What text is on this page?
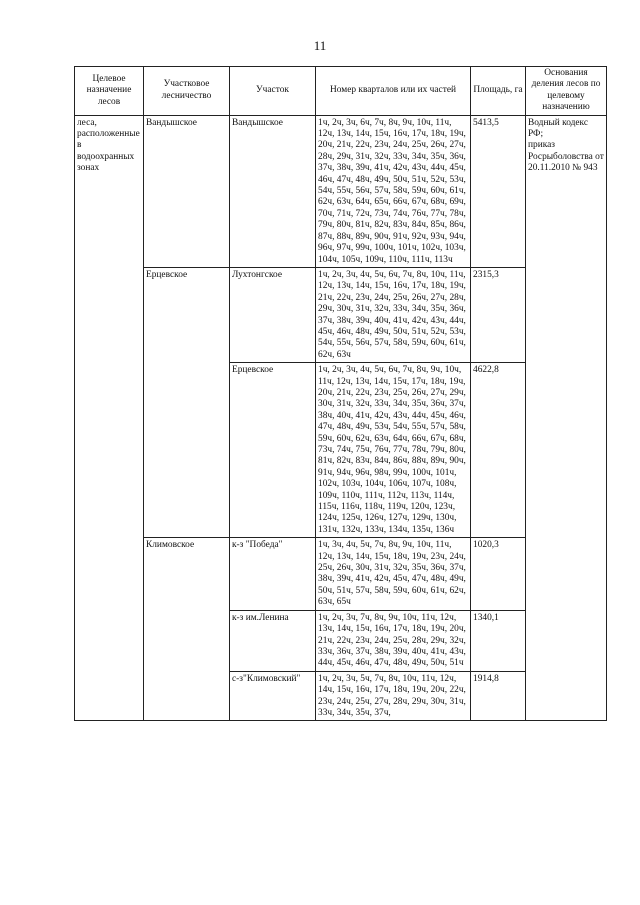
11
Целевое назначение лесов	Участковое лесничество	Участок	Номер кварталов или их частей	Площадь, га	Основания деления лесов по целевому назначению
леса, расположенные в водоохранных зонах	Вандышское	Вандышское	1ч, 2ч, 3ч, 6ч, 7ч, 8ч, 9ч, 10ч, 11ч, 12ч, 13ч, 14ч, 15ч, 16ч, 17ч, 18ч, 19ч, 20ч, 21ч, 22ч, 23ч, 24ч, 25ч, 26ч, 27ч, 28ч, 29ч, 31ч, 32ч, 33ч, 34ч, 35ч, 36ч, 37ч, 38ч, 39ч, 41ч, 42ч, 43ч, 44ч, 45ч, 46ч, 47ч, 48ч, 49ч, 50ч, 51ч, 52ч, 53ч, 54ч, 55ч, 56ч, 57ч, 58ч, 59ч, 60ч, 61ч, 62ч, 63ч, 64ч, 65ч, 66ч, 67ч, 68ч, 69ч, 70ч, 71ч, 72ч, 73ч, 74ч, 76ч, 77ч, 78ч, 79ч, 80ч, 81ч, 82ч, 83ч, 84ч, 85ч, 86ч, 87ч, 88ч, 89ч, 90ч, 91ч, 92ч, 93ч, 94ч, 96ч, 97ч, 99ч, 100ч, 101ч, 102ч, 103ч, 104ч, 105ч, 109ч, 110ч, 111ч, 113ч	5413,5	Водный кодекс РФ;
приказ Росрыболовства от 20.11.2010 № 943

	Ерцевское	Лухтонгское	1ч, 2ч, 3ч, 4ч, 5ч, 6ч, 7ч, 8ч, 10ч, 11ч, 12ч, 13ч, 14ч, 15ч, 16ч, 17ч, 18ч, 19ч, 21ч, 22ч, 23ч, 24ч, 25ч, 26ч, 27ч, 28ч, 29ч, 30ч, 31ч, 32ч, 33ч, 34ч, 35ч, 36ч, 37ч, 38ч, 39ч, 40ч, 41ч, 42ч, 43ч, 44ч, 45ч, 46ч, 48ч, 49ч, 50ч, 51ч, 52ч, 53ч, 54ч, 55ч, 56ч, 57ч, 58ч, 59ч, 60ч, 61ч, 62ч, 63ч	2315,3	
		Ерцевское	1ч, 2ч, 3ч, 4ч, 5ч, 6ч, 7ч, 8ч, 9ч, 10ч, 11ч, 12ч, 13ч, 14ч, 15ч, 17ч, 18ч, 19ч, 20ч, 21ч, 22ч, 23ч, 25ч, 26ч, 27ч, 29ч, 30ч, 31ч, 32ч, 33ч, 34ч, 35ч, 36ч, 37ч, 38ч, 40ч, 41ч, 42ч, 43ч, 44ч, 45ч, 46ч, 47ч, 48ч, 49ч, 53ч, 54ч, 55ч, 57ч, 58ч, 59ч, 60ч, 62ч, 63ч, 64ч, 66ч, 67ч, 68ч, 73ч, 74ч, 75ч, 76ч, 77ч, 78ч, 79ч, 80ч, 81ч, 82ч, 83ч, 84ч, 86ч, 88ч, 89ч, 90ч, 91ч, 94ч, 96ч, 98ч, 99ч, 100ч, 101ч, 102ч, 103ч, 104ч, 106ч, 107ч, 108ч, 109ч, 110ч, 111ч, 112ч, 113ч, 114ч, 115ч, 116ч, 118ч, 119ч, 120ч, 123ч, 124ч, 125ч, 126ч, 127ч, 129ч, 130ч, 131ч, 132ч, 133ч, 134ч, 135ч, 136ч	4622,8	
	Климовское	к-з "Победа"	1ч, 3ч, 4ч, 5ч, 7ч, 8ч, 9ч, 10ч, 11ч, 12ч, 13ч, 14ч, 15ч, 18ч, 19ч, 23ч, 24ч, 25ч, 26ч, 30ч, 31ч, 32ч, 35ч, 36ч, 37ч, 38ч, 39ч, 41ч, 42ч, 45ч, 47ч, 48ч, 49ч, 50ч, 51ч, 57ч, 58ч, 59ч, 60ч, 61ч, 62ч, 63ч, 65ч	1020,3	
		к-з им.Ленина	1ч, 2ч, 3ч, 7ч, 8ч, 9ч, 10ч, 11ч, 12ч, 13ч, 14ч, 15ч, 16ч, 17ч, 18ч, 19ч, 20ч, 21ч, 22ч, 23ч, 24ч, 25ч, 28ч, 29ч, 32ч, 33ч, 36ч, 37ч, 38ч, 39ч, 40ч, 41ч, 43ч, 44ч, 45ч, 46ч, 47ч, 48ч, 49ч, 50ч, 51ч	1340,1	
		с-з"Климовский"	1ч, 2ч, 3ч, 5ч, 7ч, 8ч, 10ч, 11ч, 12ч, 14ч, 15ч, 16ч, 17ч, 18ч, 19ч, 20ч, 22ч, 23ч, 24ч, 25ч, 27ч, 28ч, 29ч, 30ч, 31ч, 33ч, 34ч, 35ч, 37ч,	1914,8	
